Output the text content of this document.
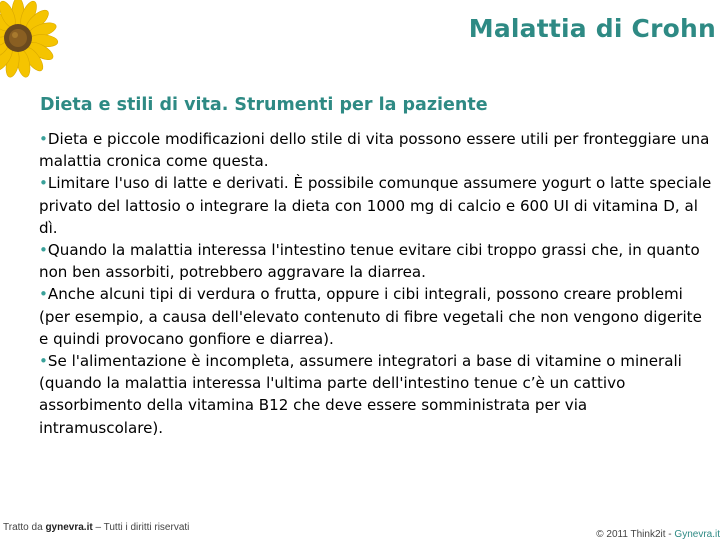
Malattia di Crohn
Dieta e stili di vita. Strumenti per la paziente

•Dieta e piccole modificazioni dello stile di vita possono essere utili per fronteggiare una malattia cronica come questa.

•Limitare l'uso di latte e derivati. È possibile comunque assumere yogurt o latte speciale privato del lattosio o integrare la dieta con 1000 mg di calcio e 600 UI di vitamina D, al dì.

•Quando la malattia interessa l'intestino tenue evitare cibi troppo grassi che, in quanto non ben assorbiti, potrebbero aggravare la diarrea.

•Anche alcuni tipi di verdura o frutta, oppure i cibi integrali, possono creare problemi (per esempio, a causa dell'elevato contenuto di fibre vegetali che non vengono digerite e quindi provocano gonfiore e diarrea).

•Se l'alimentazione è incompleta, assumere integratori a base di vitamine o minerali (quando la malattia interessa l'ultima parte dell'intestino tenue c’è un cattivo assorbimento della vitamina B12 che deve essere somministrata per via intramuscolare).

Tratto da gynevra.it – Tutti i diritti riservati
© 2011 Think2it - Gynevra.it
